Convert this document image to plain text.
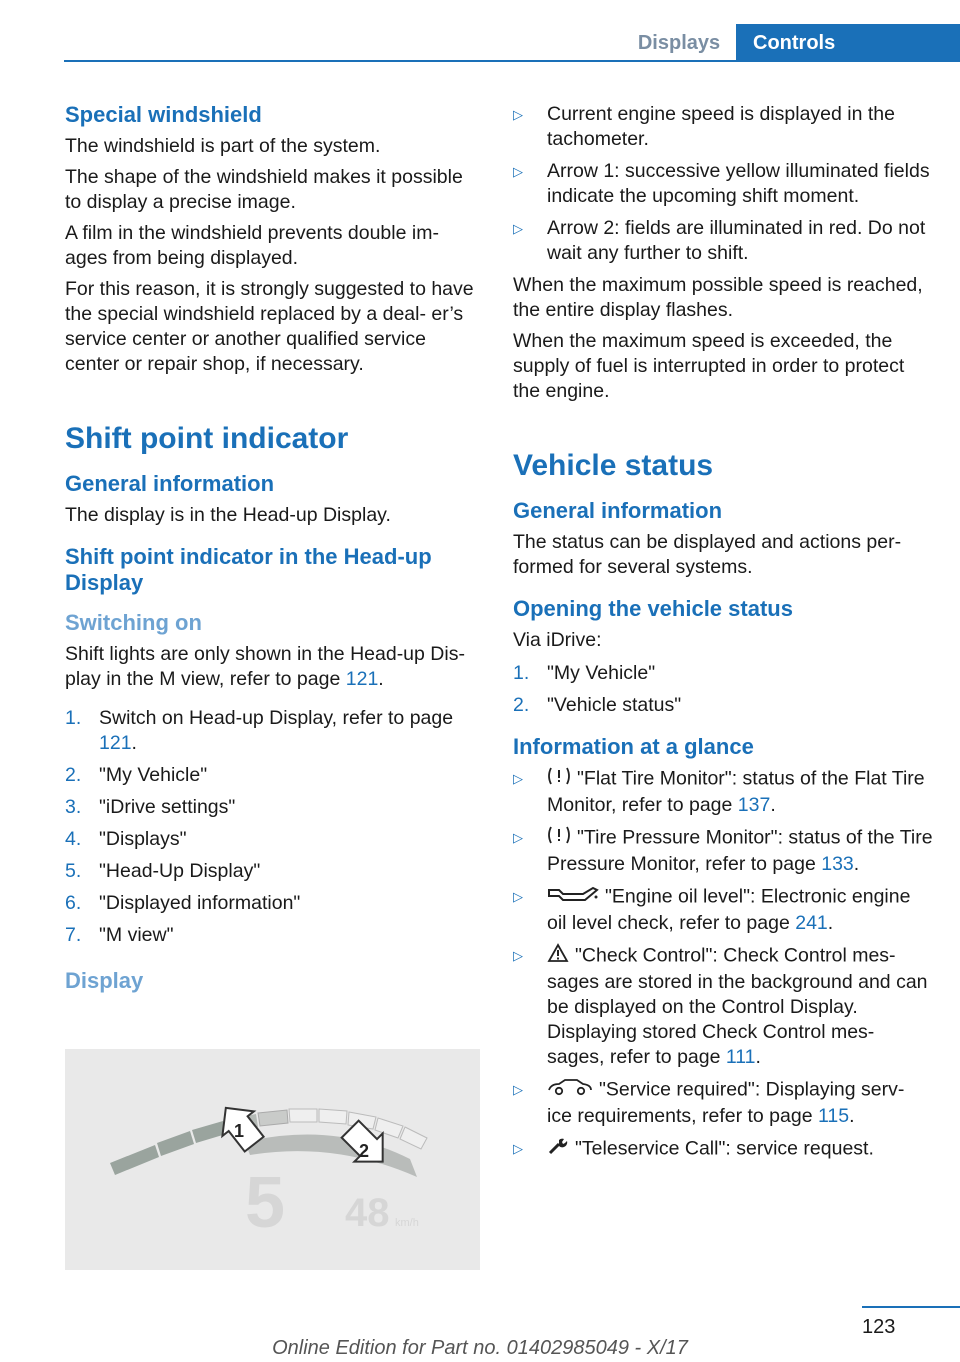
Displays	Controls
Special windshield

The windshield is part of the system.

The shape of the windshield makes it possible to display a precise image.

A film in the windshield prevents double im‐ ages from being displayed.

For this reason, it is strongly suggested to have the special windshield replaced by a deal‐ er’s service center or another qualified service center or repair shop, if necessary.

Shift point indicator
General information

The display is in the Head-up Display.

Shift point indicator in the Head-up Display
Switching on

Shift lights are only shown in the Head-up Dis‐ play in the M view, refer to page 121.

1. Switch on Head-up Display, refer to page 121.
2. "My Vehicle"
3. "iDrive settings"
4. "Displays"
5. "Head-Up Display"
6. "Displayed information"
7. "M view"
Display
1
2
5 48 km/h
▷ Current engine speed is displayed in the tachometer.
▷ Arrow 1: successive yellow illuminated fields indicate the upcoming shift moment.
▷ Arrow 2: fields are illuminated in red. Do not wait any further to shift.

When the maximum possible speed is reached, the entire display flashes.

When the maximum speed is exceeded, the supply of fuel is interrupted in order to protect the engine.

Vehicle status
General information

The status can be displayed and actions per‐ formed for several systems.

Opening the vehicle status

Via iDrive:

1. "My Vehicle"
2. "Vehicle status"
Information at a glance
▷	"Flat Tire Monitor": status of the Flat Tire Monitor, refer to page 137.
▷	"Tire Pressure Monitor": status of the Tire Pressure Monitor, refer to page 133.
▷	"Engine oil level": Electronic engine oil level check, refer to page 241.
▷	"Check Control": Check Control mes‐ sages are stored in the background and can be displayed on the Control Display. Displaying stored Check Control mes‐ sages, refer to page 111.
▷	"Service required": Displaying serv‐ ice requirements, refer to page 115.
▷	"Teleservice Call": service request.
123
Online Edition for Part no. 01402985049 - X/17
